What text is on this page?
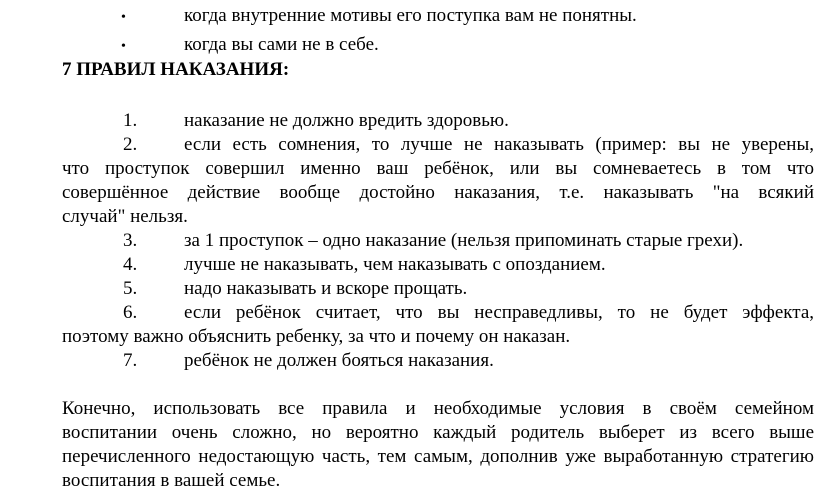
•	когда внутренние мотивы его поступка вам не понятны.
•	когда вы сами не в себе.
7 ПРАВИЛ НАКАЗАНИЯ:
1. наказание не должно вредить здоровью.
2. если есть сомнения, то лучше не наказывать (пример: вы не уверены,
что проступок совершил именно ваш ребёнок, или вы сомневаетесь в том что
совершённое действие вообще достойно наказания, т.е. наказывать "на всякий
случай" нельзя.
3. за 1 проступок – одно наказание (нельзя припоминать старые грехи).
4. лучше не наказывать, чем наказывать с опозданием.
5. надо наказывать и вскоре прощать.
6. если ребёнок считает, что вы несправедливы, то не будет эффекта,
поэтому важно объяснить ребенку, за что и почему он наказан.
7. ребёнок не должен бояться наказания.
Конечно, использовать все правила и необходимые условия в своём семейном
воспитании очень сложно, но вероятно каждый родитель выберет из всего выше
перечисленного недостающую часть, тем самым, дополнив уже выработанную стратегию
воспитания в вашей семье.
